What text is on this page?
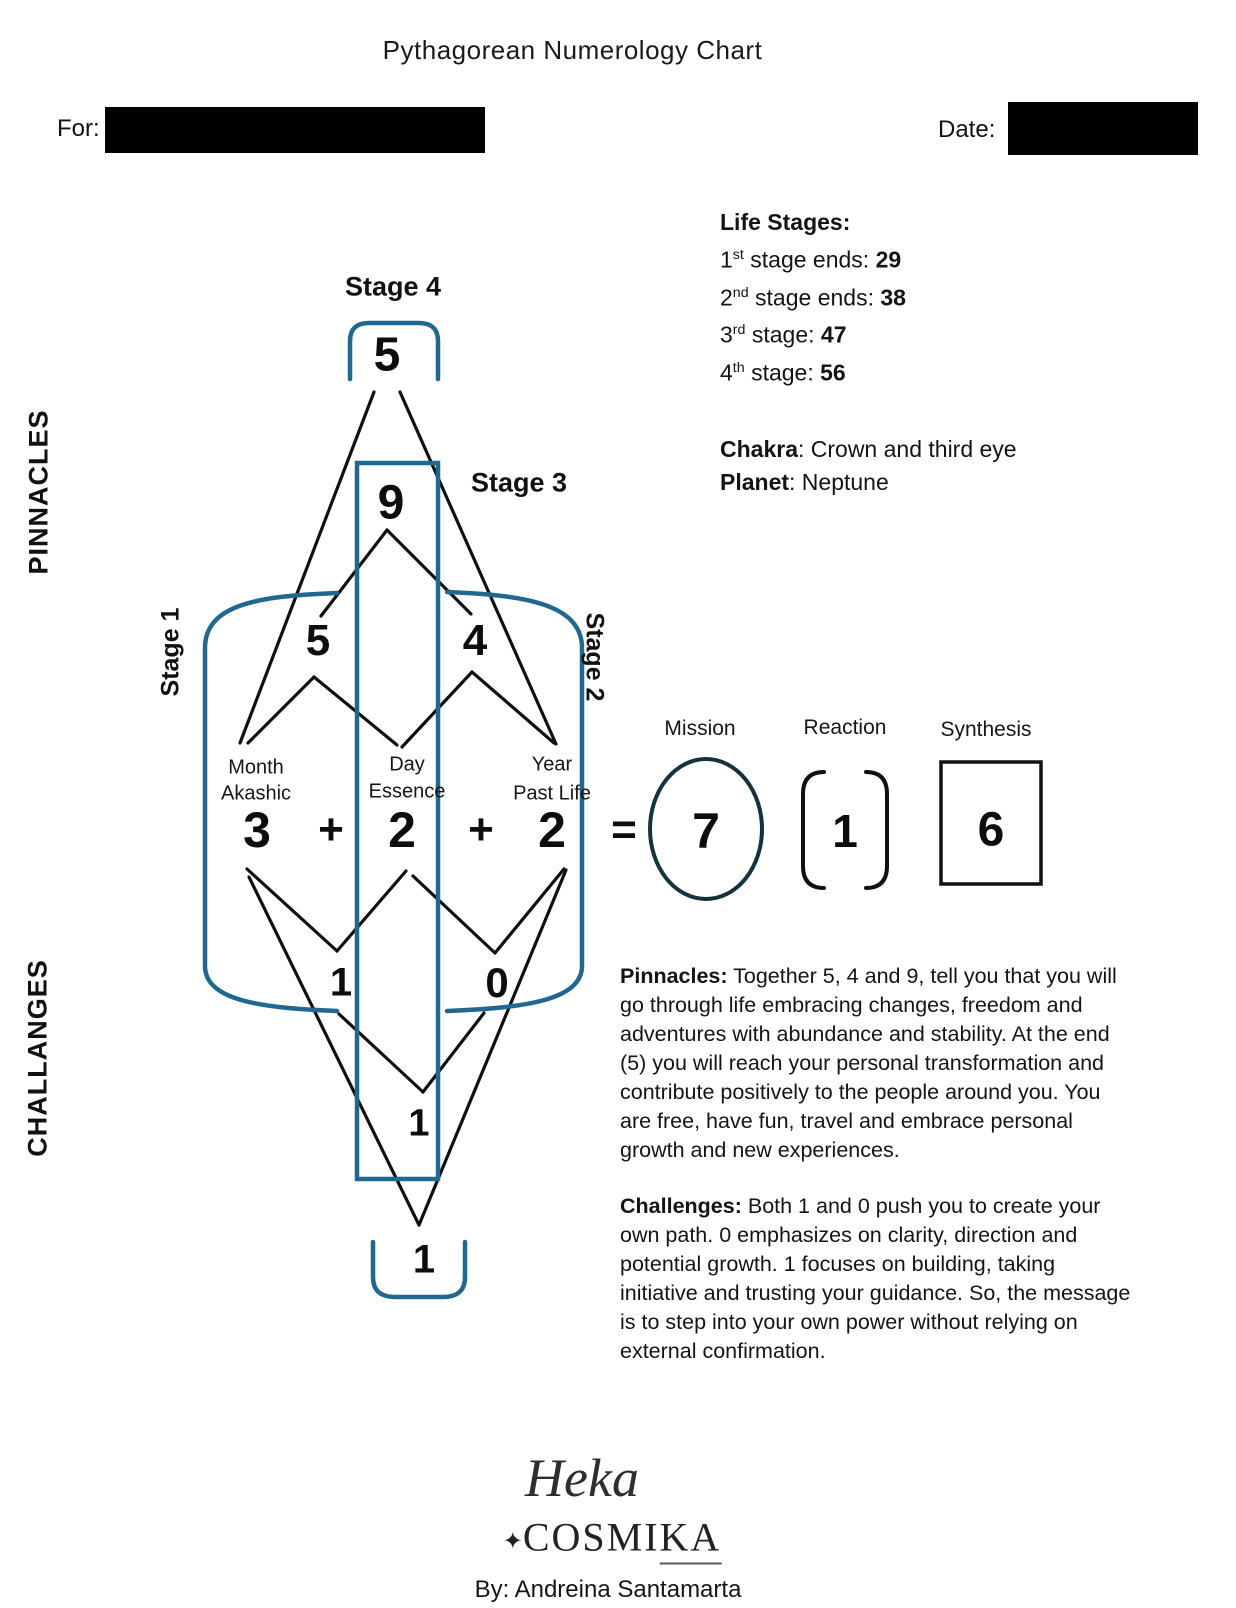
Pythagorean Numerology Chart
For:	Date:
PINNACLES
CHALLANGES
Stage 4
Stage 3
Stage 1	Stage 2
5
9
5	4
Month
Akashic
Day
Essence
Year
Past Life
3 + 2 + 2 =
Mission	Reaction	Synthesis
7 1 6
1	0
1
1
Life Stages:
1st stage ends: 29
2nd stage ends: 38
3rd stage: 47
4th stage: 56
Chakra: Crown and third eye
Planet: Neptune
Pinnacles: Together 5, 4 and 9, tell you that you will go through life embracing changes, freedom and adventures with abundance and stability. At the end (5) you will reach your personal transformation and contribute positively to the people around you. You are free, have fun, travel and embrace personal growth and new experiences.
Challenges: Both 1 and 0 push you to create your own path. 0 emphasizes on clarity, direction and potential growth. 1 focuses on building, taking initiative and trusting your guidance. So, the message is to step into your own power without relying on external confirmation.
Heka
✦COSMIKA
By: Andreina Santamarta
